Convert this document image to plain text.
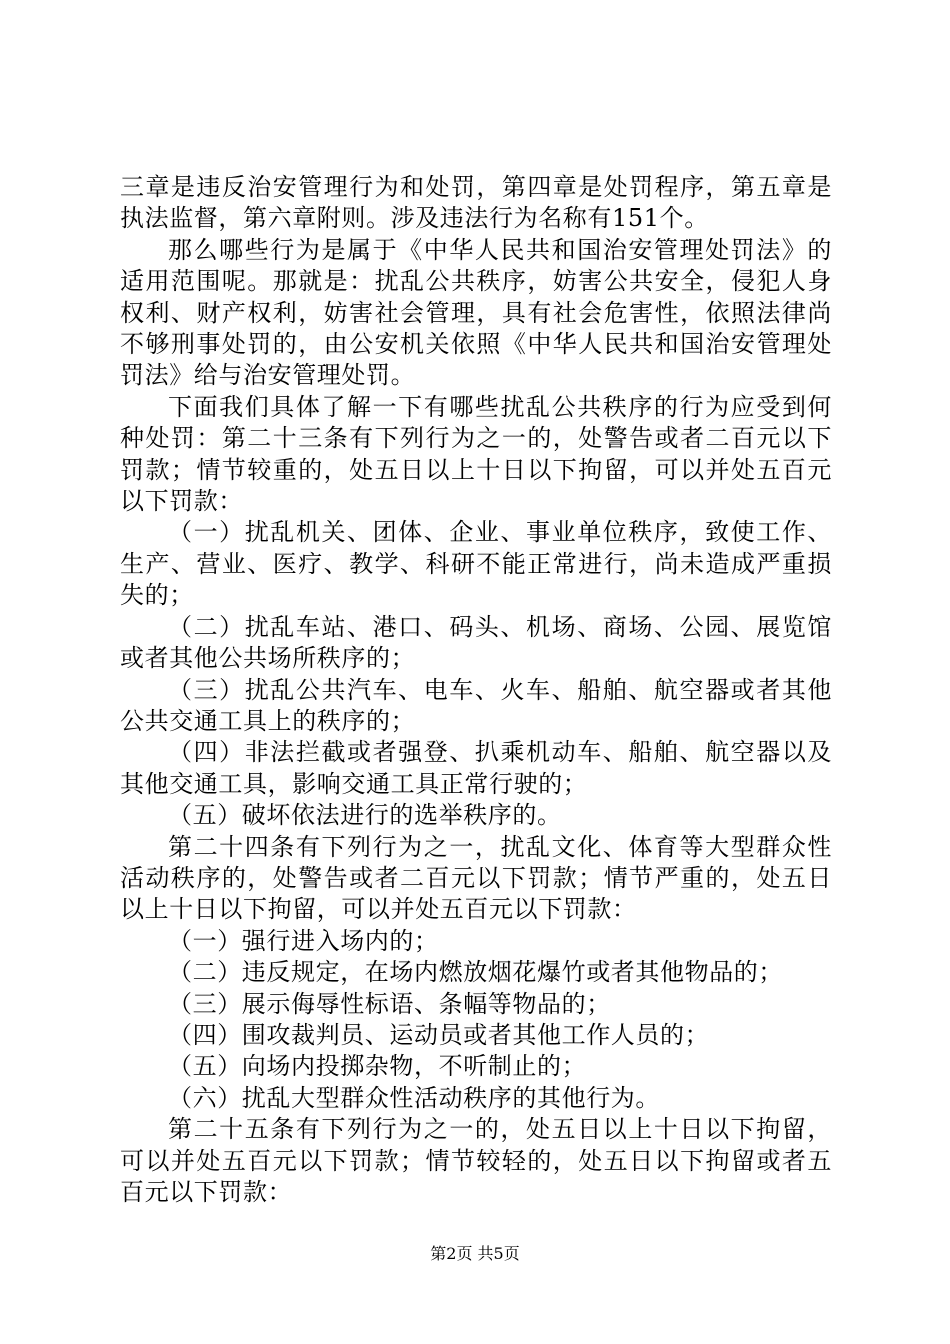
三章是违反治安管理行为和处罚，第四章是处罚程序，第五章是执法监督，第六章附则。涉及违法行为名称有151个。

那么哪些行为是属于《中华人民共和国治安管理处罚法》的适用范围呢。那就是：扰乱公共秩序，妨害公共安全，侵犯人身权利、财产权利，妨害社会管理，具有社会危害性，依照法律尚不够刑事处罚的，由公安机关依照《中华人民共和国治安管理处罚法》给与治安管理处罚。

下面我们具体了解一下有哪些扰乱公共秩序的行为应受到何种处罚：第二十三条有下列行为之一的，处警告或者二百元以下罚款；情节较重的，处五日以上十日以下拘留，可以并处五百元以下罚款：

（一）扰乱机关、团体、企业、事业单位秩序，致使工作、生产、营业、医疗、教学、科研不能正常进行，尚未造成严重损失的；

（二）扰乱车站、港口、码头、机场、商场、公园、展览馆或者其他公共场所秩序的；

（三）扰乱公共汽车、电车、火车、船舶、航空器或者其他公共交通工具上的秩序的；

（四）非法拦截或者强登、扒乘机动车、船舶、航空器以及其他交通工具，影响交通工具正常行驶的；

（五）破坏依法进行的选举秩序的。

第二十四条有下列行为之一，扰乱文化、体育等大型群众性活动秩序的，处警告或者二百元以下罚款；情节严重的，处五日以上十日以下拘留，可以并处五百元以下罚款：

（一）强行进入场内的；

（二）违反规定，在场内燃放烟花爆竹或者其他物品的；

（三）展示侮辱性标语、条幅等物品的；

（四）围攻裁判员、运动员或者其他工作人员的；

（五）向场内投掷杂物，不听制止的；

（六）扰乱大型群众性活动秩序的其他行为。

第二十五条有下列行为之一的，处五日以上十日以下拘留，可以并处五百元以下罚款；情节较轻的，处五日以下拘留或者五百元以下罚款：

第2页 共5页
